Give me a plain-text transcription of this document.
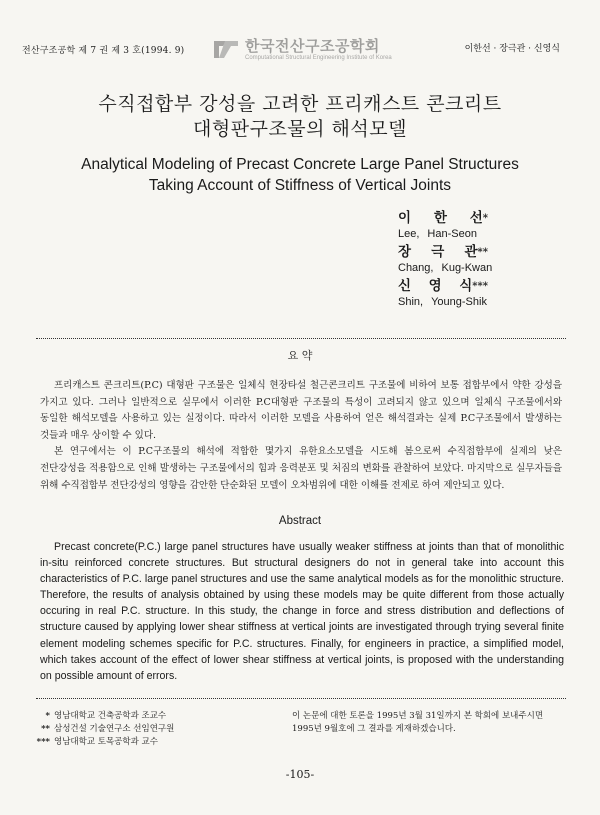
전산구조공학 제 7 권 제 3 호(1994. 9)	한국전산구조공학회
Computational Structural Engineering Institute of Korea
이한선 · 장극관 · 신영식
수직접합부 강성을 고려한 프리캐스트 콘크리트
대형판구조물의 해석모델
Analytical Modeling of Precast Concrete Large Panel Structures
Taking Account of Stiffness of Vertical Joints
이 한 선*
Lee, Han-Seon
장 극 관**
Chang, Kug-Kwan
신 영 식***
Shin, Young-Shik
요 약

프리캐스트 콘크리트(P.C) 대형판 구조물은 일체식 현장타설 철근콘크리트 구조물에 비하여 보통 접합부에서 약한 강성을 가지고 있다. 그러나 일반적으로 실무에서 이러한 P.C대형판 구조물의 특성이 고려되지 않고 있으며 일체식 구조물에서와 동일한 해석모델을 사용하고 있는 실정이다. 따라서 이러한 모델을 사용하여 얻은 해석결과는 실제 P.C구조물에서 발생하는 것들과 매우 상이할 수 있다.

본 연구에서는 이 P.C구조물의 해석에 적합한 몇가지 유한요소모델을 시도해 봄으로써 수직접합부에 실제의 낮은 전단강성을 적용함으로 인해 발생하는 구조물에서의 힘과 응력분포 및 처짐의 변화를 관찰하여 보았다. 마지막으로 실무자들을 위해 수직접합부 전단강성의 영향을 감안한 단순화된 모델이 오차범위에 대한 이해를 전제로 하여 제안되고 있다.

Abstract

Precast concrete(P.C.) large panel structures have usually weaker stiffness at joints than that of monolithic in-situ reinforced concrete structures. But structural designers do not in general take into account this characteristics of P.C. large panel structures and use the same analytical models as for the monolithic structure. Therefore, the results of analysis obtained by using these models may be quite different from those actually occuring in real P.C. structure. In this study, the change in force and stress distribution and deflections of structure caused by applying lower shear stiffness at vertical joints are investigated through trying several finite element modeling schemes specific for P.C. structures. Finally, for engineers in practice, a simplified model, which takes account of the effect of lower shear stiffness at vertical joints, is proposed with the understanding on possible amount of errors.

* 영남대학교 건축공학과 조교수
** 삼성건설 기술연구소 선임연구원
*** 영남대학교 토목공학과 교수
이 논문에 대한 토론을 1995년 3월 31일까지 본 학회에 보내주시면 1995년 9월호에 그 결과를 게재하겠습니다.
-105-
